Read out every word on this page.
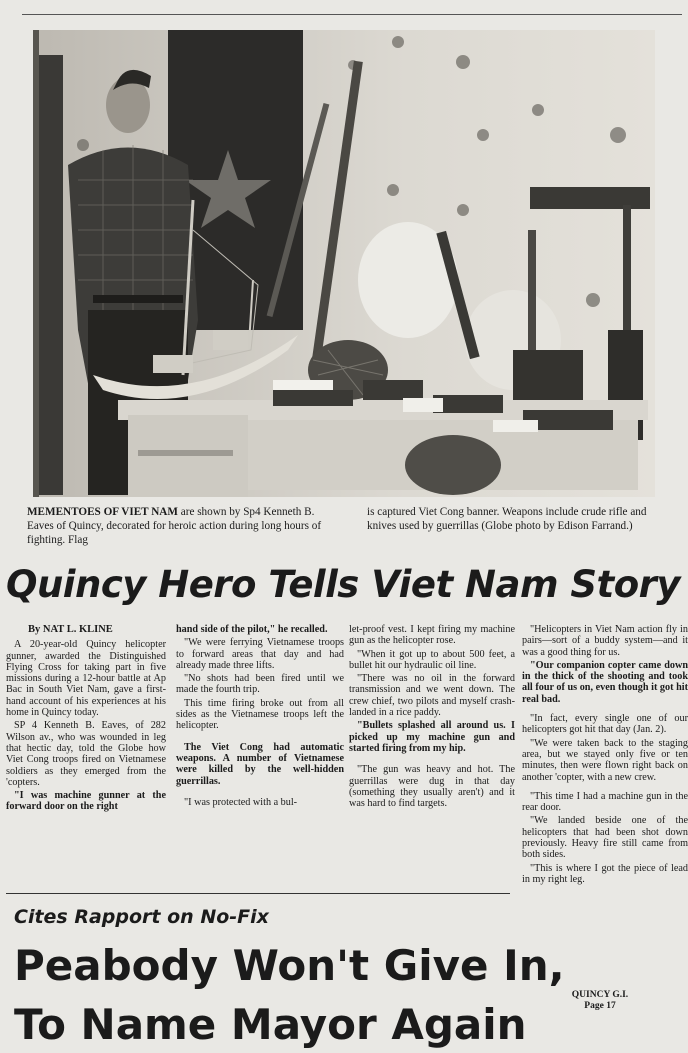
MEMENTOES OF VIET NAM are shown by Sp4 Kenneth B. Eaves of Quincy, decorated for heroic action during long hours of fighting. Flag
is captured Viet Cong banner. Weapons include crude rifle and knives used by guerrillas (Globe photo by Edison Farrand.)
Quincy Hero Tells Viet Nam Story

By NAT L. KLINE

A 20-year-old Quincy helicopter gunner, awarded the Distinguished Flying Cross for taking part in five missions during a 12-hour battle at Ap Bac in South Viet Nam, gave a first-hand account of his experiences at his home in Quincy today.

SP 4 Kenneth B. Eaves, of 282 Wilson av., who was wounded in leg that hectic day, told the Globe how Viet Cong troops fired on Vietnamese soldiers as they emerged from the 'copters.

"I was machine gunner at the forward door on the right

hand side of the pilot," he recalled.

"We were ferrying Vietnamese troops to forward areas that day and had already made three lifts.

"No shots had been fired until we made the fourth trip.

This time firing broke out from all sides as the Vietnamese troops left the helicopter.

The Viet Cong had automatic weapons. A number of Vietnamese were killed by the well-hidden guerrillas.

"I was protected with a bul-

let-proof vest. I kept firing my machine gun as the helicopter rose.

"When it got up to about 500 feet, a bullet hit our hydraulic oil line.

"There was no oil in the forward transmission and we went down. The crew chief, two pilots and myself crash-landed in a rice paddy.

"Bullets splashed all around us. I picked up my machine gun and started firing from my hip.

"The gun was heavy and hot. The guerrillas were dug in that day (something they usually aren't) and it was hard to find targets.

"Helicopters in Viet Nam action fly in pairs—sort of a buddy system—and it was a good thing for us.

"Our companion copter came down in the thick of the shooting and took all four of us on, even though it got hit real bad.

"In fact, every single one of our helicopters got hit that day (Jan. 2).

"We were taken back to the staging area, but we stayed only five or ten minutes, then were flown right back on another 'copter, with a new crew.

"This time I had a machine gun in the rear door.

"We landed beside one of the helicopters that had been shot down previously. Heavy fire still came from both sides.

"This is where I got the piece of lead in my right leg.

Cites Rapport on No-Fix
Peabody Won't Give In,
To Name Mayor Again
QUINCY G.I.
Page 17
